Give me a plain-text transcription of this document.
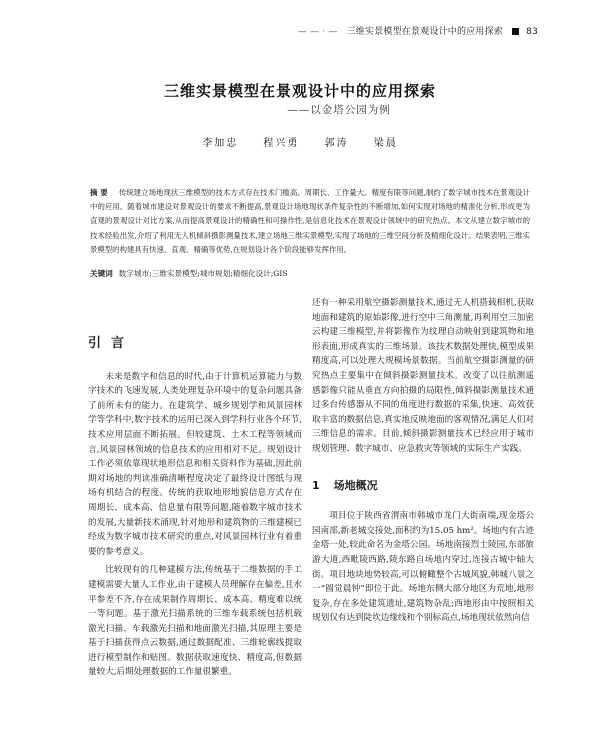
— — · — 三维实景模型在景观设计中的应用探索	83
三维实景模型在景观设计中的应用探索
——以金塔公园为例
李加忠	程兴勇	郭涛	梁晨
摘要 传统建立场地现状三维模型的技术方式存在技术门槛高、周期长、工作量大、精度有限等问题,制约了数字城市技术在景观设计中的应用。随着城市建设对景观设计的要求不断提高,景观设计场地现状条件复杂性的不断增加,如何实现对场地的精准化分析,形成更为直观的景观设计对比方案,从而提高景观设计的精确性和可操作性,是信息化技术在景观设计领域中的研究热点。本文从建立数字城市的技术经验出发,介绍了利用无人机倾斜摄影测量技术,建立场地三维实景模型,实现了场地的三维空间分析及精细化设计。结果表明,三维实景模型的构建具有快速、直观、精确等优势,在规划设计各个阶段能够发挥作用。
关键词 数字城市;三维实景模型;城市规划;精细化设计;GIS
引言
未来是数字和信息的时代,由于计算机运算能力与数字技术的飞速发展,人类处理复杂环境中的复杂问题具备了前所未有的能力。在建筑学、城乡规划学和风景园林学等学科中,数字技术的运用已深入到学科行业各个环节,技术应用层面不断拓展。但较建筑、土木工程等领域而言,风景园林领域的信息技术的应用相对不足。规划设计工作必须依靠现状地形信息和相关资料作为基础,因此前期对场地的判读准确清晰程度决定了最终设计图纸与现场有机结合的程度。传统的获取地形地貌信息方式存在周期长、成本高、信息量有限等问题,随着数字城市技术的发展,大量新技术涌现,针对地形和建筑物的三维建模已经成为数字城市技术研究的重点,对风景园林行业有着重要的参考意义。
比较现有的几种建模方法,传统基于二维数据的手工建模需要大量人工作业,由于建模人员理解存在偏差,且水平参差不齐,存在成果制作周期长、成本高、精度难以统一等问题。基于激光扫描系统的三维车载系统包括机载激光扫描、车载激光扫描和地面激光扫描,其原理主要是基于扫描获得点云数据,通过数据配准、三维轮廓线提取进行模型制作和贴图。数据获取速度快、精度高,但数据量较大,后期处理数据的工作量很繁重。
还有一种采用航空摄影测量技术,通过无人机搭载相机,获取地面和建筑的原始影像,进行空中三角测量,再利用空三加密云构建三维模型,并将影像作为纹理自动映射到建筑物和地形表面,形成真实的三维场景。该技术数据处理快,模型成果精度高,可以处理大规模场景数据。当前航空摄影测量的研究热点主要集中在倾斜摄影测量技术。改变了以往航测遥感影像只能从垂直方向拍摄的局限性,倾斜摄影测量技术通过多台传感器从不同的角度进行数据的采集,快速、高效获取丰富的数据信息,真实地反映地面的客观情况,满足人们对三维信息的需求。目前,倾斜摄影测量技术已经应用于城市规划管理、数字城市、应急救灾等领域的实际生产实践。
1 场地概况
项目位于陕西省渭南市韩城市龙门大街南端,现金塔公园南部,新老城交接处,面积约为15.05 hm²。场地内有古迹金塔一处,较此命名为金塔公园。场地南接烈士陵园,东部旅游大道,西毗陵西路,陵东路自场地内穿过,连接古城中轴大街。项目地块地势较高,可以俯瞰整个古城风貌,韩城八景之一“圆觉晨钟”即位于此。场地东侧大部分地区为荒地,地形复杂,存在多处建筑遗址,建筑物杂乱;西地形由中按照相关规划仅有达到陡坎边缘线和个别标高点,场地现状依然向信
